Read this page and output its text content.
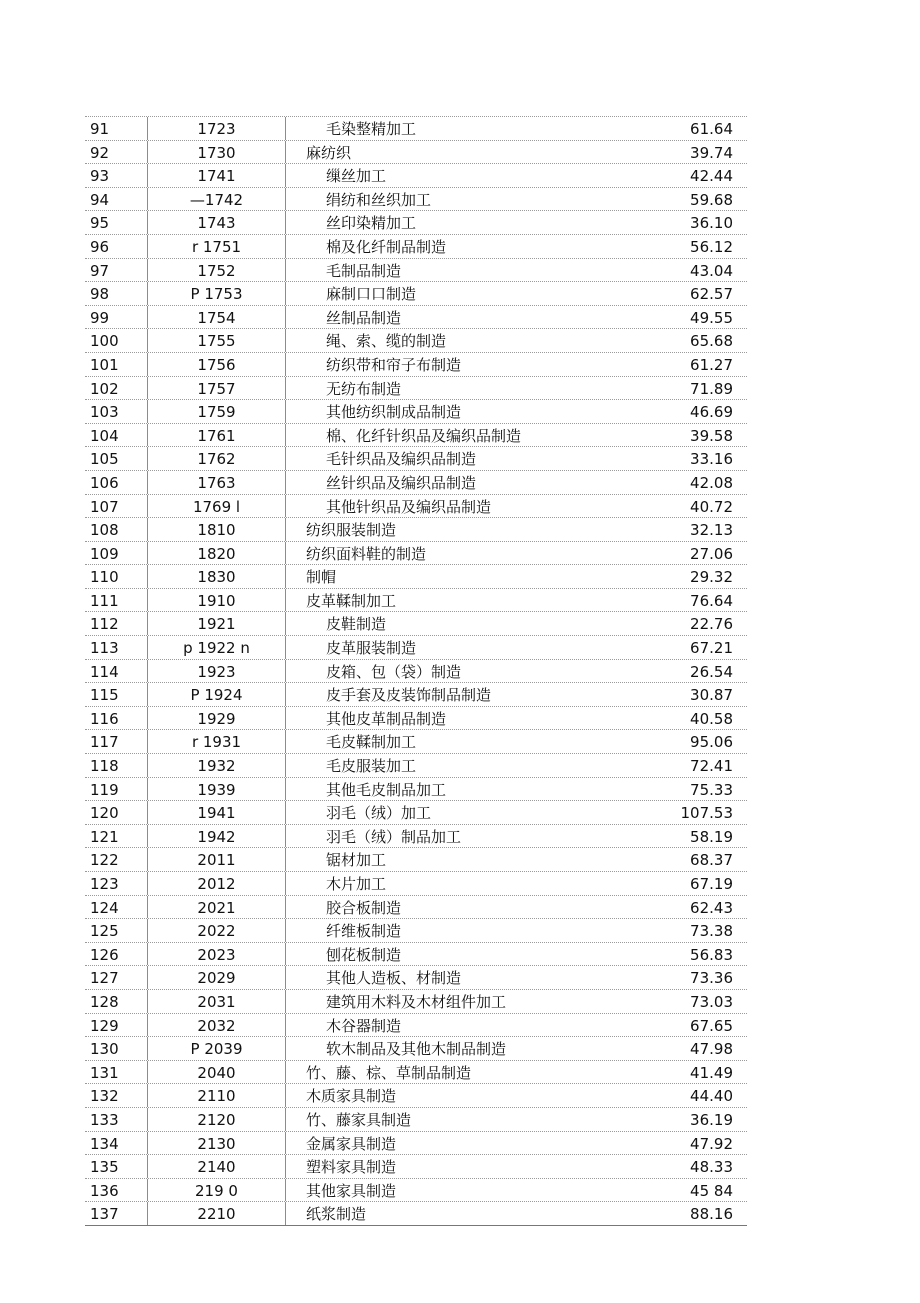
91	1723	毛染整精加工	61.64
92	1730	麻纺织	39.74
93	1741	缫丝加工	42.44
94	—1742	绢纺和丝织加工	59.68
95	1743	丝印染精加工	36.10
96	r 1751	棉及化纤制品制造	56.12
97	1752	毛制品制造	43.04
98	P 1753	麻制口口制造	62.57
99	1754	丝制品制造	49.55
100	1755	绳、索、缆的制造	65.68
101	1756	纺织带和帘子布制造	61.27
102	1757	无纺布制造	71.89
103	1759	其他纺织制成品制造	46.69
104	1761	棉、化纤针织品及编织品制造	39.58
105	1762	毛针织品及编织品制造	33.16
106	1763	丝针织品及编织品制造	42.08
107	1769 l	其他针织品及编织品制造	40.72
108	1810	纺织服装制造	32.13
109	1820	纺织面料鞋的制造	27.06
110	1830	制帽	29.32
111	1910	皮革鞣制加工	76.64
112	1921	皮鞋制造	22.76
113	p 1922 n	皮革服装制造	67.21
114	1923	皮箱、包（袋）制造	26.54
115	P 1924	皮手套及皮装饰制品制造	30.87
116	1929	其他皮革制品制造	40.58
117	r 1931	毛皮鞣制加工	95.06
118	1932	毛皮服装加工	72.41
119	1939	其他毛皮制品加工	75.33
120	1941	羽毛（绒）加工	107.53
121	1942	羽毛（绒）制品加工	58.19
122	2011	锯材加工	68.37
123	2012	木片加工	67.19
124	2021	胶合板制造	62.43
125	2022	纤维板制造	73.38
126	2023	刨花板制造	56.83
127	2029	其他人造板、材制造	73.36
128	2031	建筑用木料及木材组件加工	73.03
129	2032	木谷器制造	67.65
130	P 2039	软木制品及其他木制品制造	47.98
131	2040	竹、藤、棕、草制品制造	41.49
132	2110	木质家具制造	44.40
133	2120	竹、藤家具制造	36.19
134	2130	金属家具制造	47.92
135	2140	塑料家具制造	48.33
136	219 0	其他家具制造	45 84
137	2210	纸浆制造	88.16
